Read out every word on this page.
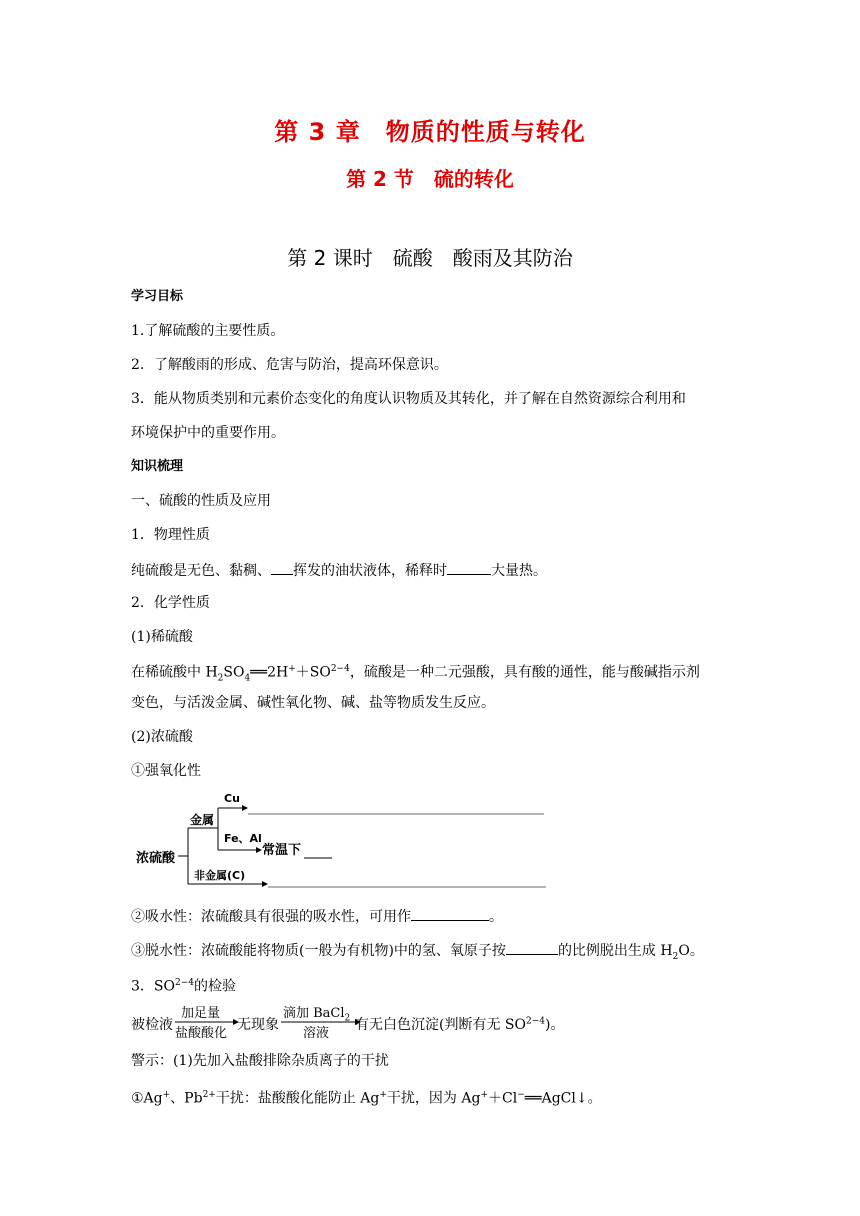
第 3 章　物质的性质与转化
第 2 节　硫的转化
第 2 课时　硫酸　酸雨及其防治
学习目标
1.了解硫酸的主要性质。
2．了解酸雨的形成、危害与防治，提高环保意识。
3．能从物质类别和元素价态变化的角度认识物质及其转化，并了解在自然资源综合利用和
环境保护中的重要作用。
知识梳理
一、硫酸的性质及应用
1．物理性质
纯硫酸是无色、黏稠、 挥发的油状液体，稀释时	大量热。
2．化学性质
(1)稀硫酸
在稀硫酸中 $H_2SO_4══2H^++SO^{2-4}$，硫酸是一种二元强酸，具有酸的通性，能与酸碱指示剂
变色，与活泼金属、碱性氧化物、碱、盐等物质发生反应。
(2)浓硫酸
①强氧化性
浓硫酸
金属
Cu
Fe、Al
常温下
非金属(C)
②吸水性：浓硫酸具有很强的吸水性，可用作	。
③脱水性：浓硫酸能将物质(一般为有机物)中的氢、氧原子按	的比例脱出生成 $H_2O$。
3．$SO^{2-4}$的检验
被检液
加足量
盐酸酸化
无现象
滴加 BaCl$_2$
溶液
有无白色沉淀(判断有无 $SO^{2-4}$)。
警示：(1)先加入盐酸排除杂质离子的干扰
①Ag+、$Pb^{2+}$干扰：盐酸酸化能防止 Ag+干扰，因为 Ag+＋Cl−══AgCl↓。
